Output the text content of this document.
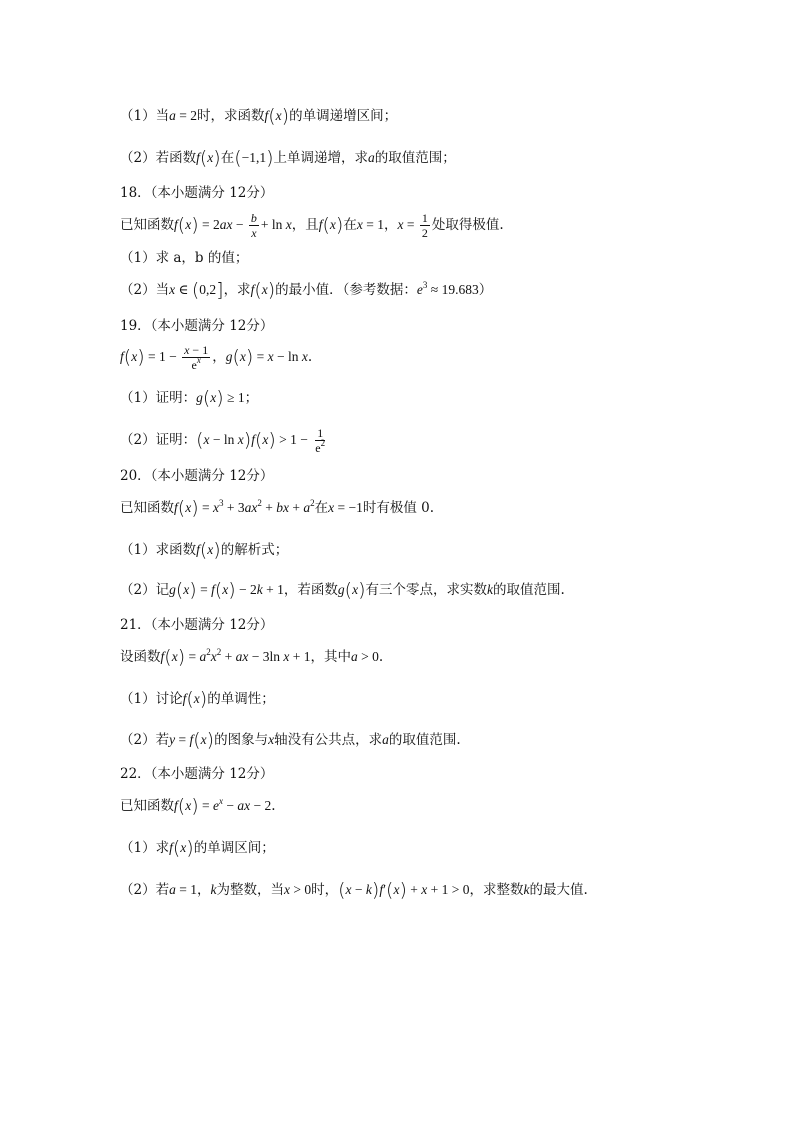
（1）当a = 2时，求函数f(x)的单调递增区间；
（2）若函数f(x)在(−1,1)上单调递增，求a的取值范围；
18．（本小题满分 12分）
已知函数$f(x) = 2ax - \frac{b}{x} + \ln x$，且f(x)在x = 1，$x = \frac{1}{2}$ 处取得极值.
（1）求 a，b 的值；
（2）当x ∈ (0,2]，求f(x)的最小值．（参考数据：$e^3 \approx 19.683$）
19．（本小题满分 12分）
$f(x) = 1 - \frac{x - 1}{e^x}$ ，g(x) = x − ln x.
（1）证明：g(x) ≥ 1；
（2）证明：$(x - \ln x)f(x) > 1 - \frac{1}{e^2}$
20．（本小题满分 12分）
已知函数$f(x) = x^3 + 3ax^2$ + bx + $a^2$在x = −1时有极值 0.
（1）求函数f(x)的解析式；
（2）记g(x) = f(x) − 2k + 1，若函数g(x)有三个零点，求实数k的取值范围.
21．（本小题满分 12分）
设函数$f(x) = a^2x^2$ + ax − 3ln x + 1，其中a > 0.
（1）讨论f(x)的单调性；
（2）若y = f(x)的图象与x轴没有公共点，求a的取值范围.
22．（本小题满分 12分）
已知函数$f(x) = e^x$ − ax − 2.
（1）求f(x)的单调区间；
（2）若a = 1，k为整数，当x > 0时，(x − k)f′(x) + x + 1 > 0，求整数k的最大值.
